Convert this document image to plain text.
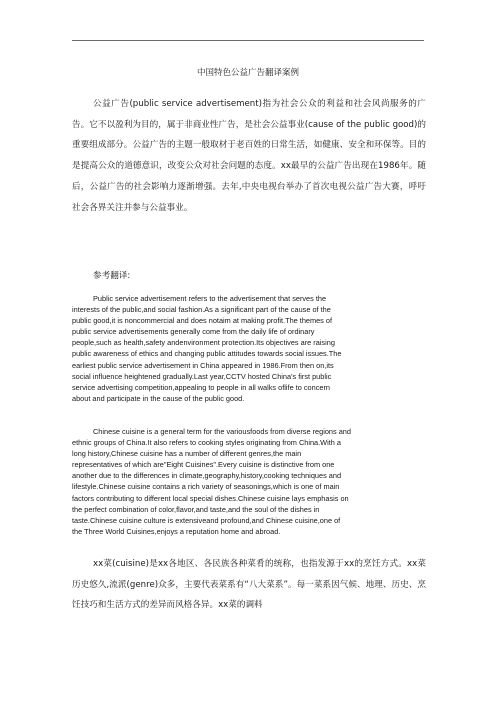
中国特色公益广告翻译案例
公益广告(public service advertisement)指为社会公众的利益和社会风尚服务的广告。它不以盈利为目的，属于非商业性广告，是社会公益事业(cause of the public good)的重要组成部分。公益广告的主题一般取材于老百姓的日常生活，如健康、安全和环保等。目的是提高公众的道德意识，改变公众对社会问题的态度。xx最早的公益广告出现在1986年。随后，公益广告的社会影响力逐渐增强。去年,中央电视台举办了首次电视公益广告大赛，呼吁社会各界关注并参与公益事业。
参考翻译:
Public service advertisement refers to the advertisement that serves the
interests of the public,and social fashion.As a significant part of the cause of the
public good,it is noncommercial and does notaim at making profit.The themes of
public service advertisements generally come from the daily life of ordinary
people,such as health,safety andenvironment protection.Its objectives are raising
public awareness of ethics and changing public attitudes towards social issues.The
earliest public service advertisement in China appeared in 1986.From then on,its
social influence heightened gradually.Last year,CCTV hosted China's first public
service advertising competition,appealing to people in all walks oflife to concern
about and participate in the cause of the public good.
Chinese cuisine is a general term for the variousfoods from diverse regions and
ethnic groups of China.It also refers to cooking styles originating from China.With a
long history,Chinese cuisine has a number of different genres,the main
representatives of which are"Eight Cuisines".Every cuisine is distinctive from one
another due to the differences in climate,geography,history,cooking techniques and
lifestyle.Chinese cuisine contains a rich variety of seasonings,which is one of main
factors contributing to different local special dishes.Chinese cuisine lays emphasis on
the perfect combination of color,flavor,and taste,and the soul of the dishes in
taste.Chinese cuisine culture is extensiveand profound,and Chinese cuisine,one of
the Three World Cuisines,enjoys a reputation home and abroad.
xx菜(cuisine)是xx各地区、各民族各种菜肴的统称，也指发源于xx的烹饪方式。xx菜历史悠久,流派(genre)众多，主要代表菜系有“八大菜系”。每一菜系因气候、地理、历史、烹饪技巧和生活方式的差异而风格各异。xx菜的调料
